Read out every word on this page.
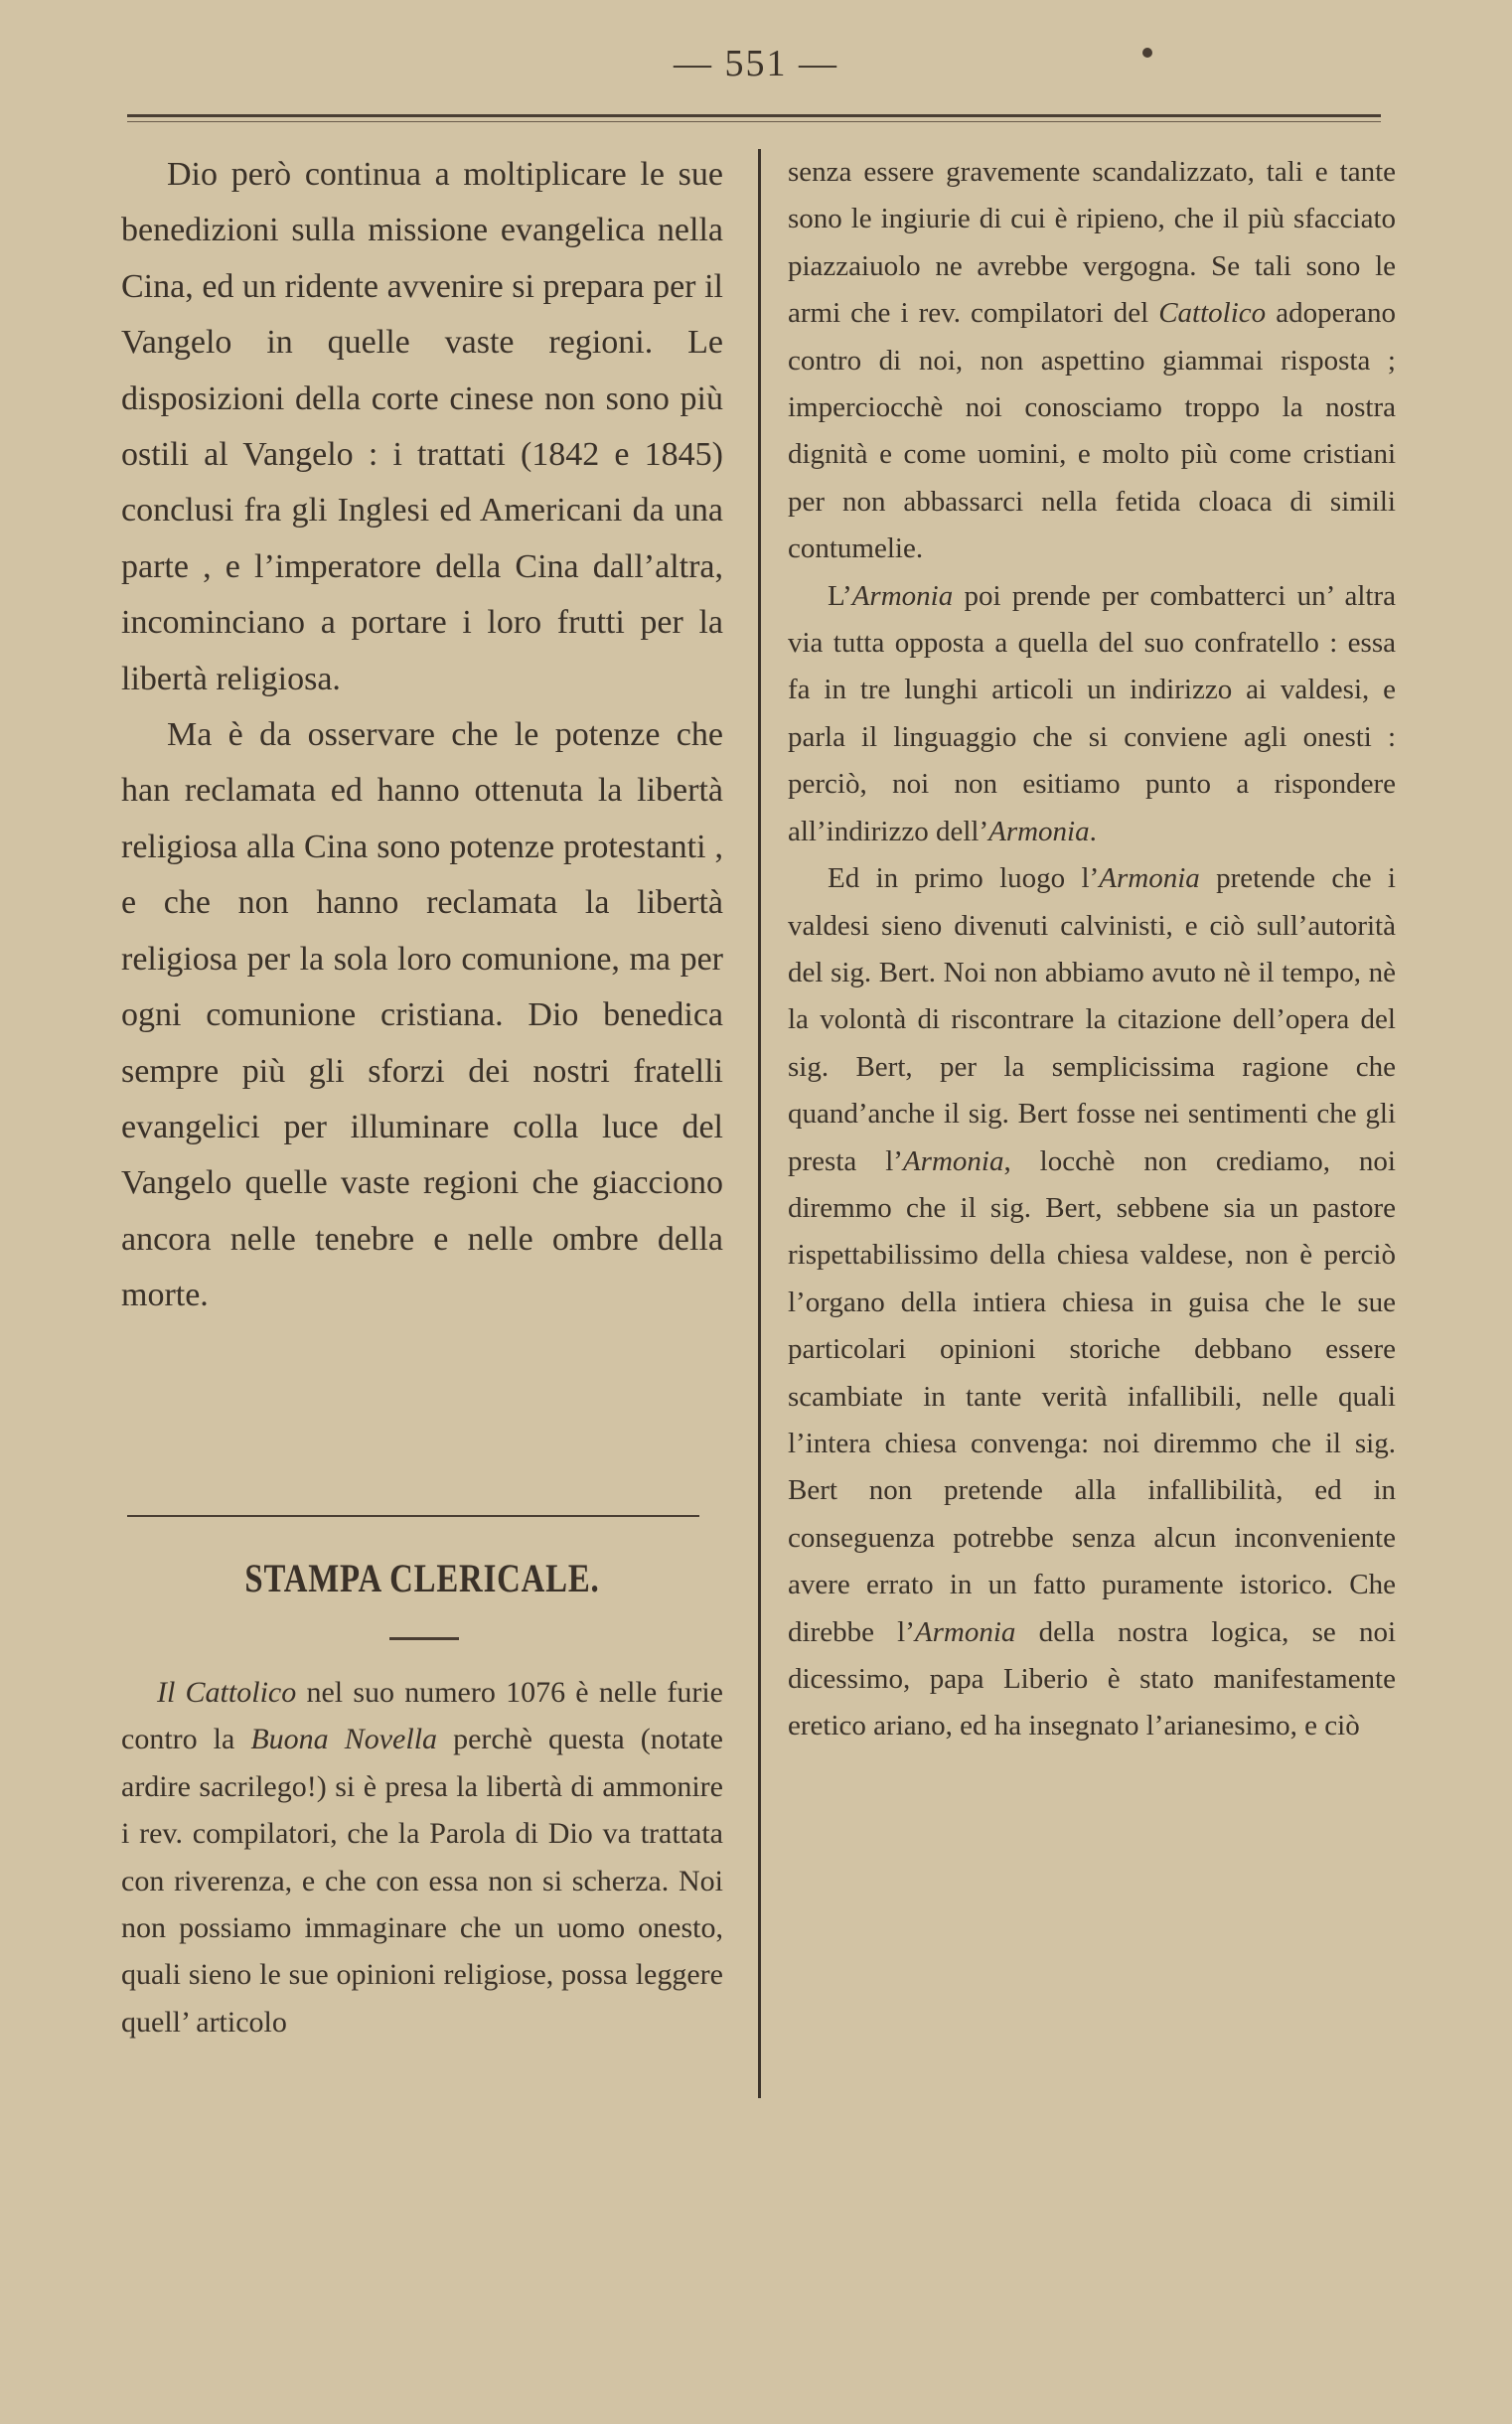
— 551 —

Dio però continua a moltiplicare le sue benedizioni sulla missione evangelica nella Cina, ed un ridente avvenire si prepara per il Vangelo in quelle vaste regioni. Le disposizioni della corte cinese non sono più ostili al Vangelo : i trattati (1842 e 1845) conclusi fra gli Inglesi ed Americani da una parte , e l’imperatore della Cina dall’altra, incominciano a portare i loro frutti per la libertà religiosa.

Ma è da osservare che le potenze che han reclamata ed hanno ottenuta la libertà religiosa alla Cina sono potenze protestanti , e che non hanno reclamata la libertà religiosa per la sola loro comunione, ma per ogni comunione cristiana. Dio benedica sempre più gli sforzi dei nostri fratelli evangelici per illuminare colla luce del Vangelo quelle vaste regioni che giacciono ancora nelle tenebre e nelle ombre della morte.

STAMPA CLERICALE.

Il Cattolico nel suo numero 1076 è nelle furie contro la Buona Novella perchè questa (notate ardire sacrilego!) si è presa la libertà di ammonire i rev. compilatori, che la Parola di Dio va trattata con riverenza, e che con essa non si scherza. Noi non possiamo immaginare che un uomo onesto, quali sieno le sue opinioni religiose, possa leggere quell’ articolo

senza essere gravemente scandalizzato, tali e tante sono le ingiurie di cui è ripieno, che il più sfacciato piazzaiuolo ne avrebbe vergogna. Se tali sono le armi che i rev. compilatori del Cattolico adoperano contro di noi, non aspettino giammai risposta ; imperciocchè noi conosciamo troppo la nostra dignità e come uomini, e molto più come cristiani per non abbassarci nella fetida cloaca di simili contumelie.

L’Armonia poi prende per combatterci un’ altra via tutta opposta a quella del suo confratello : essa fa in tre lunghi articoli un indirizzo ai valdesi, e parla il linguaggio che si conviene agli onesti : perciò, noi non esitiamo punto a rispondere all’indirizzo dell’Armonia.

Ed in primo luogo l’Armonia pretende che i valdesi sieno divenuti calvinisti, e ciò sull’autorità del sig. Bert. Noi non abbiamo avuto nè il tempo, nè la volontà di riscontrare la citazione dell’opera del sig. Bert, per la semplicissima ragione che quand’anche il sig. Bert fosse nei sentimenti che gli presta l’Armonia, locchè non crediamo, noi diremmo che il sig. Bert, sebbene sia un pastore rispettabilissimo della chiesa valdese, non è perciò l’organo della intiera chiesa in guisa che le sue particolari opinioni storiche debbano essere scambiate in tante verità infallibili, nelle quali l’intera chiesa convenga: noi diremmo che il sig. Bert non pretende alla infallibilità, ed in conseguenza potrebbe senza alcun inconveniente avere errato in un fatto puramente istorico. Che direbbe l’Armonia della nostra logica, se noi dicessimo, papa Liberio è stato manifestamente eretico ariano, ed ha insegnato l’arianesimo, e ciò
